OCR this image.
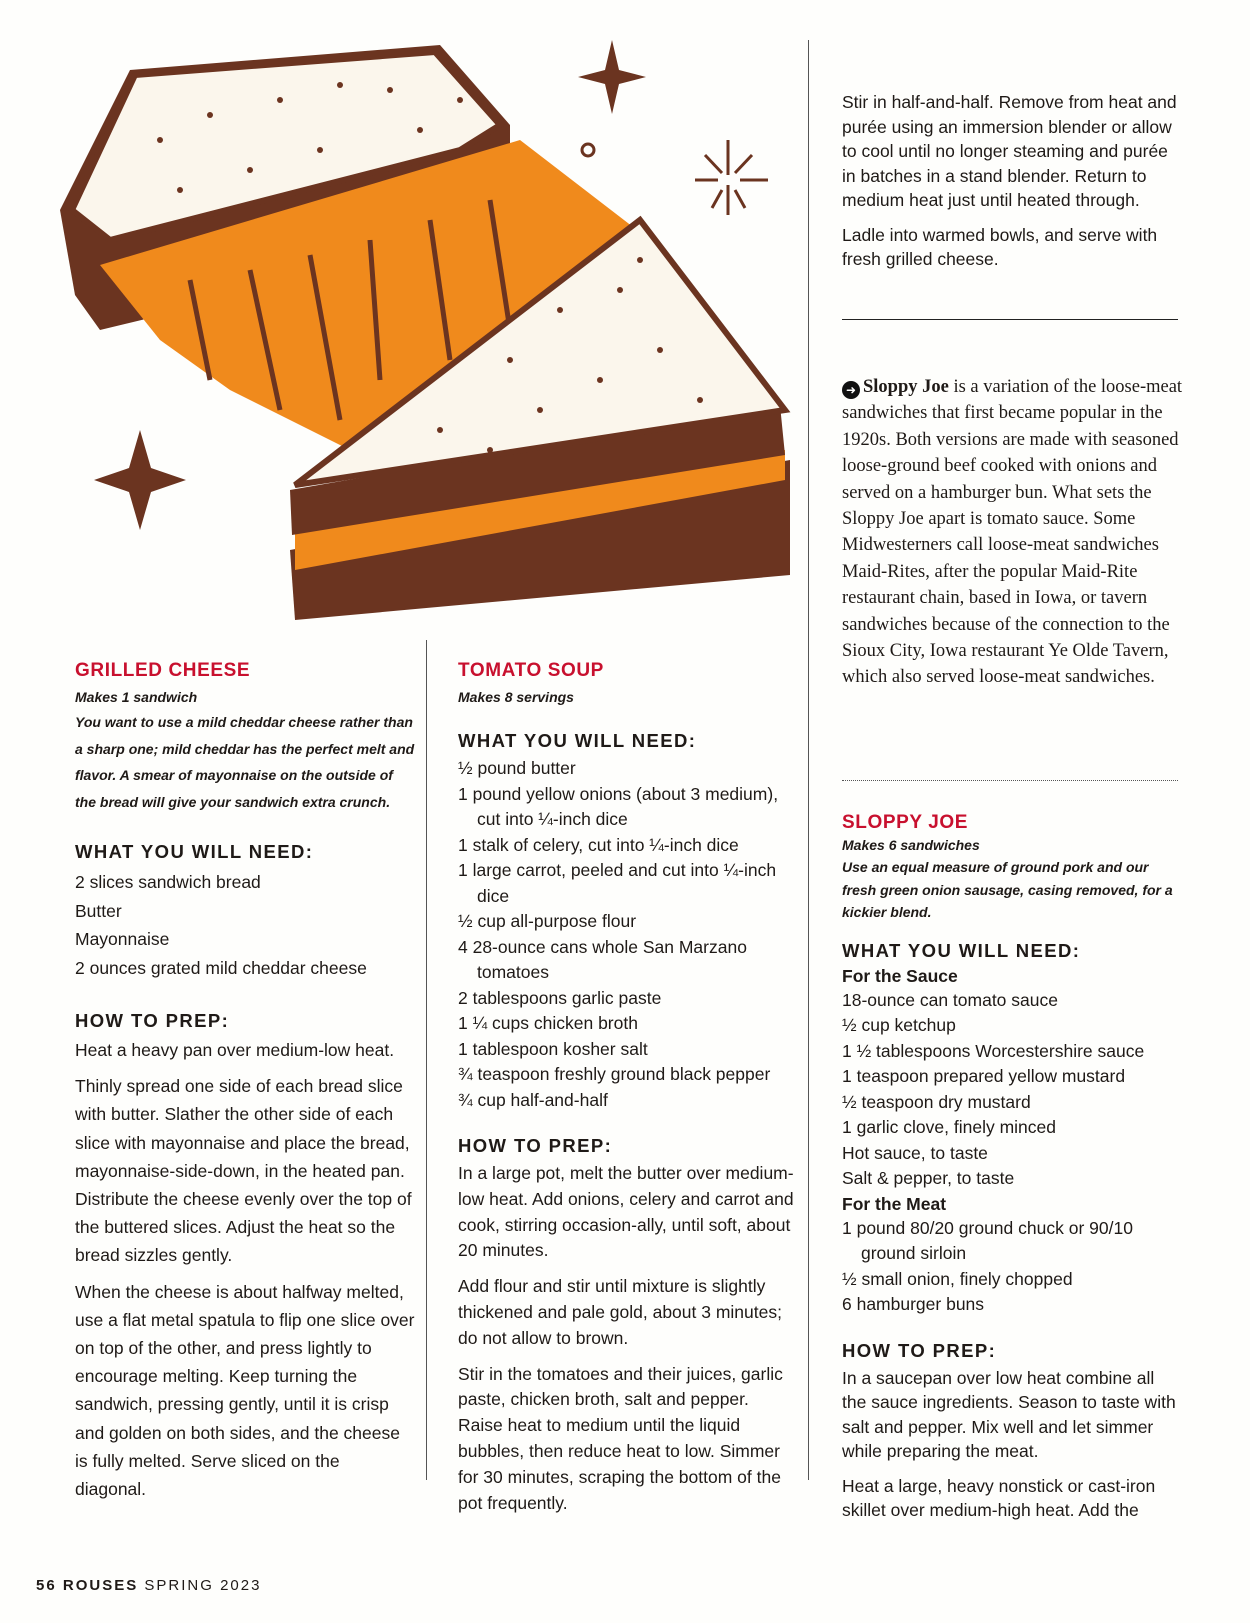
Stir in half-and-half. Remove from heat and purée using an immersion blender or allow to cool until no longer steaming and purée in batches in a stand blender. Return to medium heat just until heated through.

Ladle into warmed bowls, and serve with fresh grilled cheese.

➜ Sloppy Joe is a variation of the loose-meat sandwiches that first became popular in the 1920s. Both versions are made with seasoned loose-ground beef cooked with onions and served on a hamburger bun. What sets the Sloppy Joe apart is tomato sauce. Some Midwesterners call loose-meat sandwiches Maid-Rites, after the popular Maid-Rite restaurant chain, based in Iowa, or tavern sandwiches because of the connection to the Sioux City, Iowa restaurant Ye Olde Tavern, which also served loose-meat sandwiches.
GRILLED CHEESE
Makes 1 sandwich

You want to use a mild cheddar cheese rather than a sharp one; mild cheddar has the perfect melt and flavor. A smear of mayonnaise on the outside of the bread will give your sandwich extra crunch.

WHAT YOU WILL NEED:
2 slices sandwich bread
Butter
Mayonnaise
2 ounces grated mild cheddar cheese
HOW TO PREP:

Heat a heavy pan over medium-low heat.

Thinly spread one side of each bread slice with butter. Slather the other side of each slice with mayonnaise and place the bread, mayonnaise-side-down, in the heated pan. Distribute the cheese evenly over the top of the buttered slices. Adjust the heat so the bread sizzles gently.

When the cheese is about halfway melted, use a flat metal spatula to flip one slice over on top of the other, and press lightly to encourage melting. Keep turning the sandwich, pressing gently, until it is crisp and golden on both sides, and the cheese is fully melted. Serve sliced on the diagonal.

TOMATO SOUP
Makes 8 servings
WHAT YOU WILL NEED:
½ pound butter
1 pound yellow onions (about 3 medium),
cut into ¼-inch dice
1 stalk of celery, cut into ¼-inch dice
1 large carrot, peeled and cut into ¼-inch
dice
½ cup all-purpose flour
4 28-ounce cans whole San Marzano
tomatoes
2 tablespoons garlic paste
1 ¼ cups chicken broth
1 tablespoon kosher salt
¾ teaspoon freshly ground black pepper
¾ cup half-and-half
HOW TO PREP:

In a large pot, melt the butter over medium-low heat. Add onions, celery and carrot and cook, stirring occasion-ally, until soft, about 20 minutes.

Add flour and stir until mixture is slightly thickened and pale gold, about 3 minutes; do not allow to brown.

Stir in the tomatoes and their juices, garlic paste, chicken broth, salt and pepper. Raise heat to medium until the liquid bubbles, then reduce heat to low. Simmer for 30 minutes, scraping the bottom of the pot frequently.

SLOPPY JOE
Makes 6 sandwiches

Use an equal measure of ground pork and our fresh green onion sausage, casing removed, for a kickier blend.

WHAT YOU WILL NEED:
For the Sauce
18-ounce can tomato sauce
½ cup ketchup
1 ½ tablespoons Worcestershire sauce
1 teaspoon prepared yellow mustard
½ teaspoon dry mustard
1 garlic clove, finely minced
Hot sauce, to taste
Salt & pepper, to taste
For the Meat
1 pound 80/20 ground chuck or 90/10
ground sirloin
½ small onion, finely chopped
6 hamburger buns
HOW TO PREP:

In a saucepan over low heat combine all the sauce ingredients. Season to taste with salt and pepper. Mix well and let simmer while preparing the meat.

Heat a large, heavy nonstick or cast-iron skillet over medium-high heat. Add the

56 ROUSES SPRING 2023
